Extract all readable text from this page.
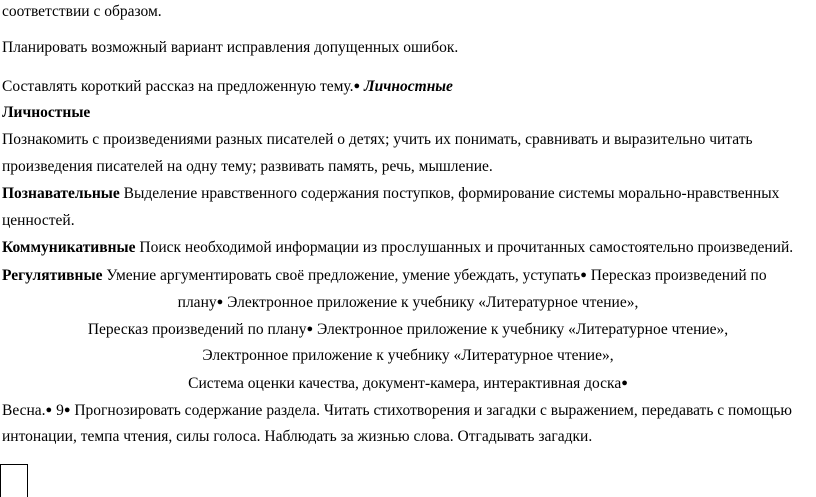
соответствии с образом.
Планировать возможный вариант исправления допущенных ошибок.
Составлять короткий рассказ на предложенную тему.● Личностные
Личностные
Познакомить с произведениями разных писателей о детях; учить их понимать, сравнивать и выразительно читать
произведения писателей на одну тему; развивать память, речь, мышление.
Познавательные Выделение нравственного содержания поступков, формирование системы морально-нравственных
ценностей.
Коммуникативные Поиск необходимой информации из прослушанных и прочитанных самостоятельно произведений.
Регулятивные Умение аргументировать своё предложение, умение убеждать, уступать● Пересказ произведений по
плану● Электронное приложение к учебнику «Литературное чтение»,
Пересказ произведений по плану● Электронное приложение к учебнику «Литературное чтение»,
Электронное приложение к учебнику «Литературное чтение»,
Система оценки качества, документ-камера, интерактивная доска●
Весна.● 9● Прогнозировать содержание раздела. Читать стихотворения и загадки с выражением, передавать с помощью
интонации, темпа чтения, силы голоса. Наблюдать за жизнью слова. Отгадывать загадки.
